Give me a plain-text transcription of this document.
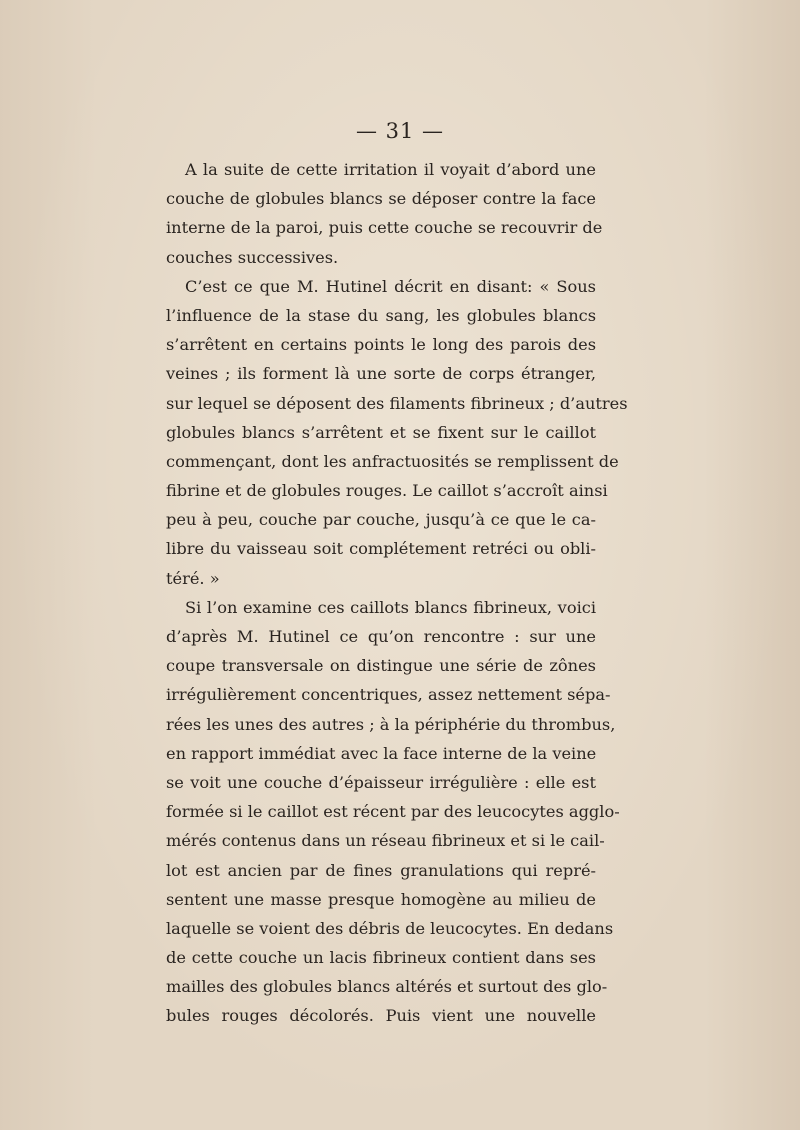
— 31 —
A la suite de cette irritation il voyait d’abord une
couche de globules blancs se déposer contre la face
interne de la paroi, puis cette couche se recouvrir de
couches successives.
C’est ce que M. Hutinel décrit en disant: « Sous
l’influence de la stase du sang, les globules blancs
s’arrêtent en certains points le long des parois des
veines ; ils forment là une sorte de corps étranger,
sur lequel se déposent des filaments fibrineux ; d’autres
globules blancs s’arrêtent et se fixent sur le caillot
commençant, dont les anfractuosités se remplissent de
fibrine et de globules rouges. Le caillot s’accroît ainsi
peu à peu, couche par couche, jusqu’à ce que le ca-
libre du vaisseau soit complétement retréci ou obli-
téré. »
Si l’on examine ces caillots blancs fibrineux, voici
d’après M. Hutinel ce qu’on rencontre : sur une
coupe transversale on distingue une série de zônes
irrégulièrement concentriques, assez nettement sépa-
rées les unes des autres ; à la périphérie du thrombus,
en rapport immédiat avec la face interne de la veine
se voit une couche d’épaisseur irrégulière : elle est
formée si le caillot est récent par des leucocytes agglo-
mérés contenus dans un réseau fibrineux et si le cail-
lot est ancien par de fines granulations qui repré-
sentent une masse presque homogène au milieu de
laquelle se voient des débris de leucocytes. En dedans
de cette couche un lacis fibrineux contient dans ses
mailles des globules blancs altérés et surtout des glo-
bules rouges décolorés. Puis vient une nouvelle
